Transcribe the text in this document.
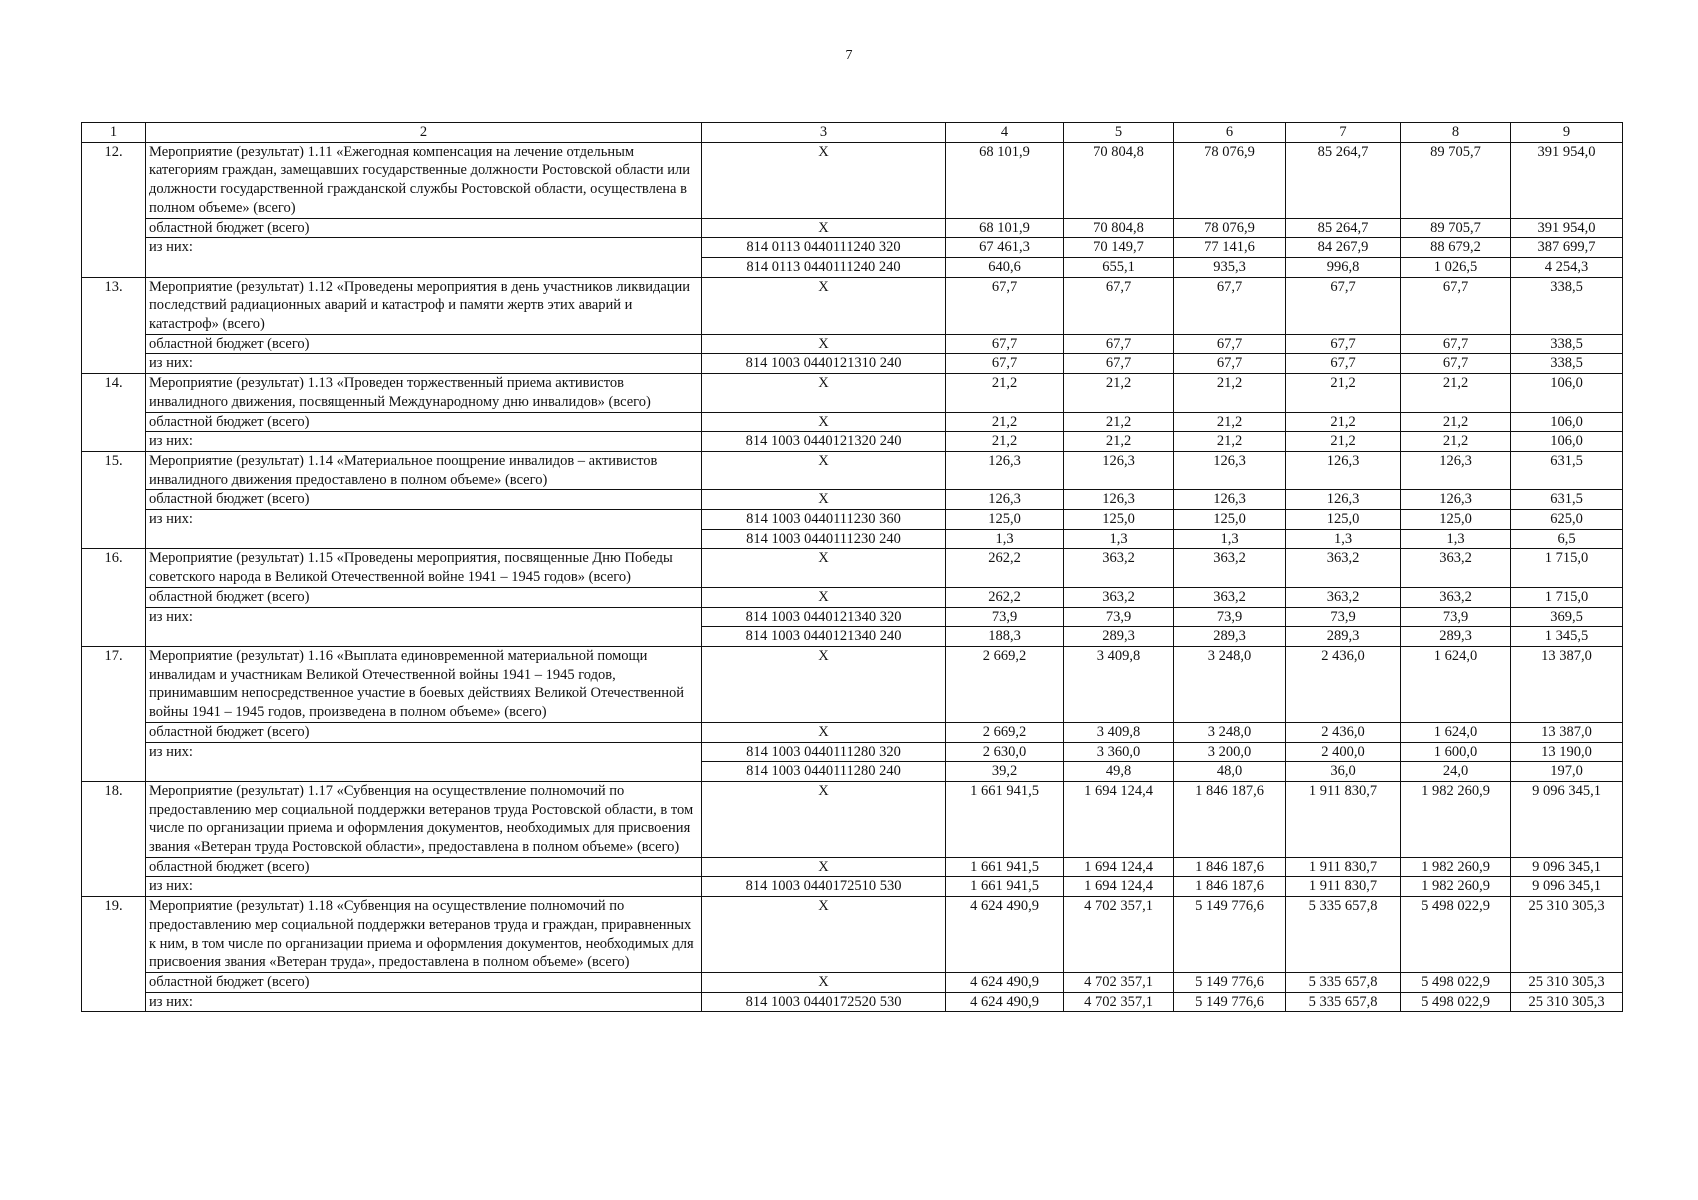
7
1	2	3	4	5	6	7	8	9
12.	Мероприятие (результат) 1.11 «Ежегодная компенсация на лечение отдельным категориям граждан, замещавших государственные должности Ростовской области или должности государственной гражданской службы Ростовской области, осуществлена в полном объеме» (всего)	X	68 101,9	70 804,8	78 076,9	85 264,7	89 705,7	391 954,0
	областной бюджет (всего)	X	68 101,9	70 804,8	78 076,9	85 264,7	89 705,7	391 954,0
	из них:	814 0113 0440111240 320	67 461,3	70 149,7	77 141,6	84 267,9	88 679,2	387 699,7
		814 0113 0440111240 240	640,6	655,1	935,3	996,8	1 026,5	4 254,3
13.	Мероприятие (результат) 1.12 «Проведены мероприятия в день участников ликвидации последствий радиационных аварий и катастроф и памяти жертв этих аварий и катастроф» (всего)	X	67,7	67,7	67,7	67,7	67,7	338,5
	областной бюджет (всего)	X	67,7	67,7	67,7	67,7	67,7	338,5
	из них:	814 1003 0440121310 240	67,7	67,7	67,7	67,7	67,7	338,5
14.	Мероприятие (результат) 1.13 «Проведен торжественный приема активистов инвалидного движения, посвященный Международному дню инвалидов» (всего)	X	21,2	21,2	21,2	21,2	21,2	106,0
	областной бюджет (всего)	X	21,2	21,2	21,2	21,2	21,2	106,0
	из них:	814 1003 0440121320 240	21,2	21,2	21,2	21,2	21,2	106,0
15.	Мероприятие (результат) 1.14 «Материальное поощрение инвалидов – активистов инвалидного движения предоставлено в полном объеме» (всего)	X	126,3	126,3	126,3	126,3	126,3	631,5
	областной бюджет (всего)	X	126,3	126,3	126,3	126,3	126,3	631,5
	из них:	814 1003 0440111230 360	125,0	125,0	125,0	125,0	125,0	625,0
		814 1003 0440111230 240	1,3	1,3	1,3	1,3	1,3	6,5
16.	Мероприятие (результат) 1.15 «Проведены мероприятия, посвященные Дню Победы советского народа в Великой Отечественной войне 1941 – 1945 годов» (всего)	X	262,2	363,2	363,2	363,2	363,2	1 715,0
	областной бюджет (всего)	X	262,2	363,2	363,2	363,2	363,2	1 715,0
	из них:	814 1003 0440121340 320	73,9	73,9	73,9	73,9	73,9	369,5
		814 1003 0440121340 240	188,3	289,3	289,3	289,3	289,3	1 345,5
17.	Мероприятие (результат) 1.16 «Выплата единовременной материальной помощи инвалидам и участникам Великой Отечественной войны 1941 – 1945 годов, принимавшим непосредственное участие в боевых действиях Великой Отечественной войны 1941 – 1945 годов, произведена в полном объеме» (всего)	X	2 669,2	3 409,8	3 248,0	2 436,0	1 624,0	13 387,0
	областной бюджет (всего)	X	2 669,2	3 409,8	3 248,0	2 436,0	1 624,0	13 387,0
	из них:	814 1003 0440111280 320	2 630,0	3 360,0	3 200,0	2 400,0	1 600,0	13 190,0
		814 1003 0440111280 240	39,2	49,8	48,0	36,0	24,0	197,0
18.	Мероприятие (результат) 1.17 «Субвенция на осуществление полномочий по предоставлению мер социальной поддержки ветеранов труда Ростовской области, в том числе по организации приема и оформления документов, необходимых для присвоения звания «Ветеран труда Ростовской области», предоставлена в полном объеме» (всего)	X	1 661 941,5	1 694 124,4	1 846 187,6	1 911 830,7	1 982 260,9	9 096 345,1
	областной бюджет (всего)	X	1 661 941,5	1 694 124,4	1 846 187,6	1 911 830,7	1 982 260,9	9 096 345,1
	из них:	814 1003 0440172510 530	1 661 941,5	1 694 124,4	1 846 187,6	1 911 830,7	1 982 260,9	9 096 345,1
19.	Мероприятие (результат) 1.18 «Субвенция на осуществление полномочий по предоставлению мер социальной поддержки ветеранов труда и граждан, приравненных к ним, в том числе по организации приема и оформления документов, необходимых для присвоения звания «Ветеран труда», предоставлена в полном объеме» (всего)	X	4 624 490,9	4 702 357,1	5 149 776,6	5 335 657,8	5 498 022,9	25 310 305,3
	областной бюджет (всего)	X	4 624 490,9	4 702 357,1	5 149 776,6	5 335 657,8	5 498 022,9	25 310 305,3
	из них:	814 1003 0440172520 530	4 624 490,9	4 702 357,1	5 149 776,6	5 335 657,8	5 498 022,9	25 310 305,3
